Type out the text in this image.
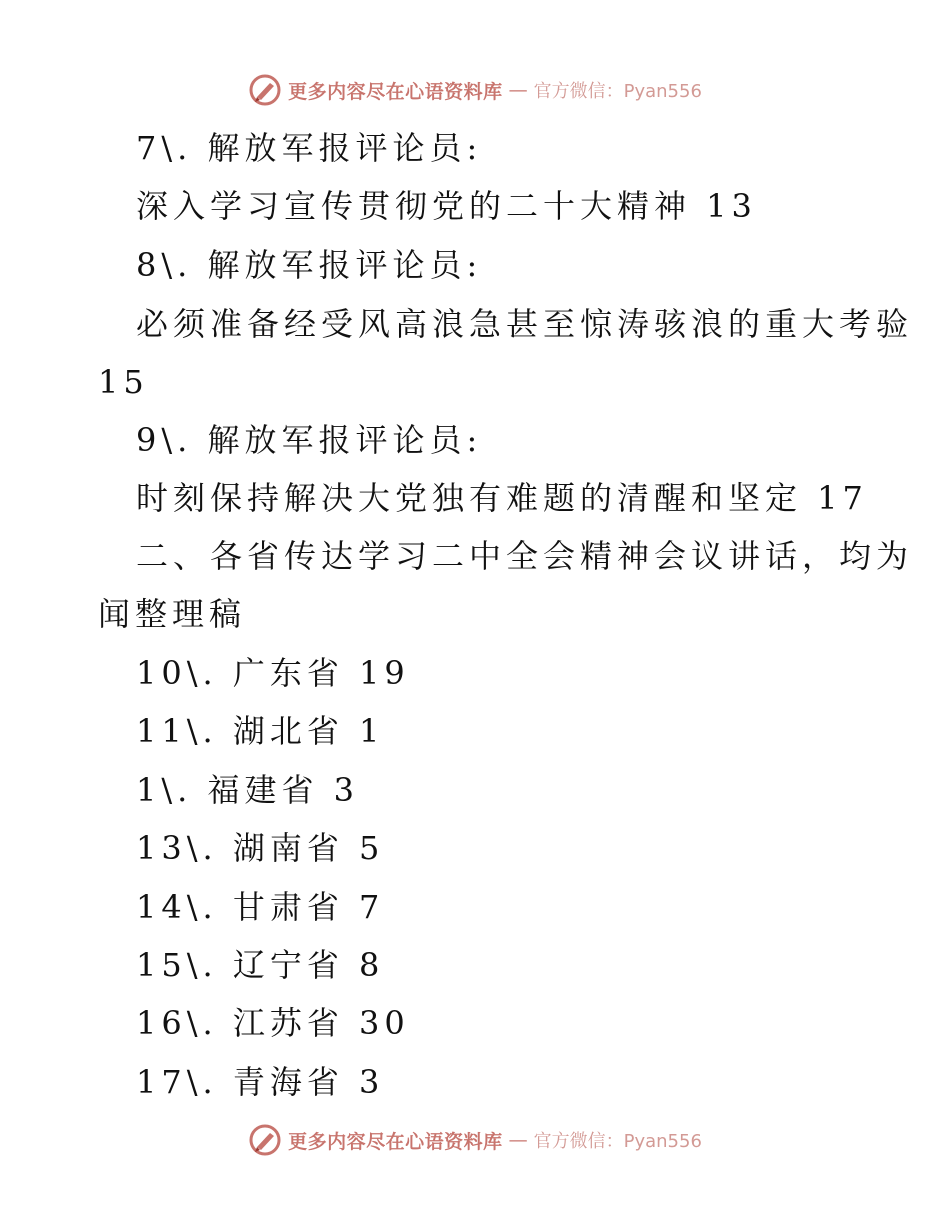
更多内容尽在心语资料库 — 官方微信：Pyan556
7\. 解放军报评论员:
深入学习宣传贯彻党的二十大精神 13
8\. 解放军报评论员:
必须准备经受风高浪急甚至惊涛骇浪的重大考验
15
9\. 解放军报评论员:
时刻保持解决大党独有难题的清醒和坚定 17
二、各省传达学习二中全会精神会议讲话，均为
闻整理稿
10\. 广东省 19
11\. 湖北省 1
1\. 福建省 3
13\. 湖南省 5
14\. 甘肃省 7
15\. 辽宁省 8
16\. 江苏省 30
17\. 青海省 3
更多内容尽在心语资料库 — 官方微信：Pyan556
